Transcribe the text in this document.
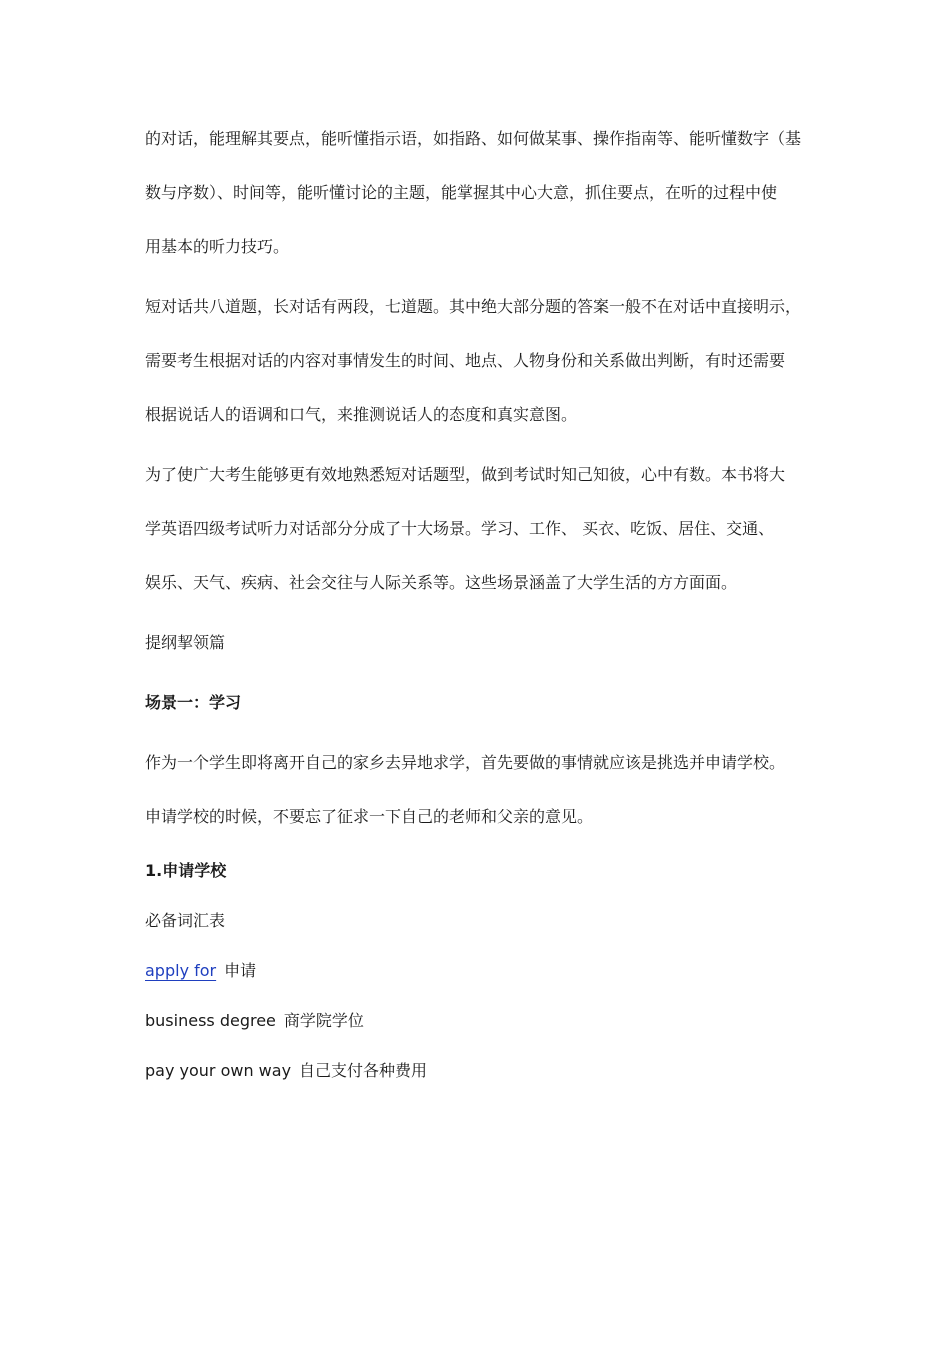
的对话，能理解其要点，能听懂指示语，如指路、如何做某事、操作指南等、能听懂数字（基
数与序数）、时间等，能听懂讨论的主题，能掌握其中心大意，抓住要点，在听的过程中使
用基本的听力技巧。
短对话共八道题，长对话有两段，七道题。其中绝大部分题的答案一般不在对话中直接明示，
需要考生根据对话的内容对事情发生的时间、地点、人物身份和关系做出判断，有时还需要
根据说话人的语调和口气，来推测说话人的态度和真实意图。
为了使广大考生能够更有效地熟悉短对话题型，做到考试时知己知彼，心中有数。本书将大
学英语四级考试听力对话部分分成了十大场景。学习、工作、 买衣、吃饭、居住、交通、
娱乐、天气、疾病、社会交往与人际关系等。这些场景涵盖了大学生活的方方面面。
提纲挈领篇
场景一：学习
作为一个学生即将离开自己的家乡去异地求学，首先要做的事情就应该是挑选并申请学校。
申请学校的时候，不要忘了征求一下自己的老师和父亲的意见。
1.申请学校
必备词汇表
apply for 申请
business degree 商学院学位
pay your own way 自己支付各种费用
